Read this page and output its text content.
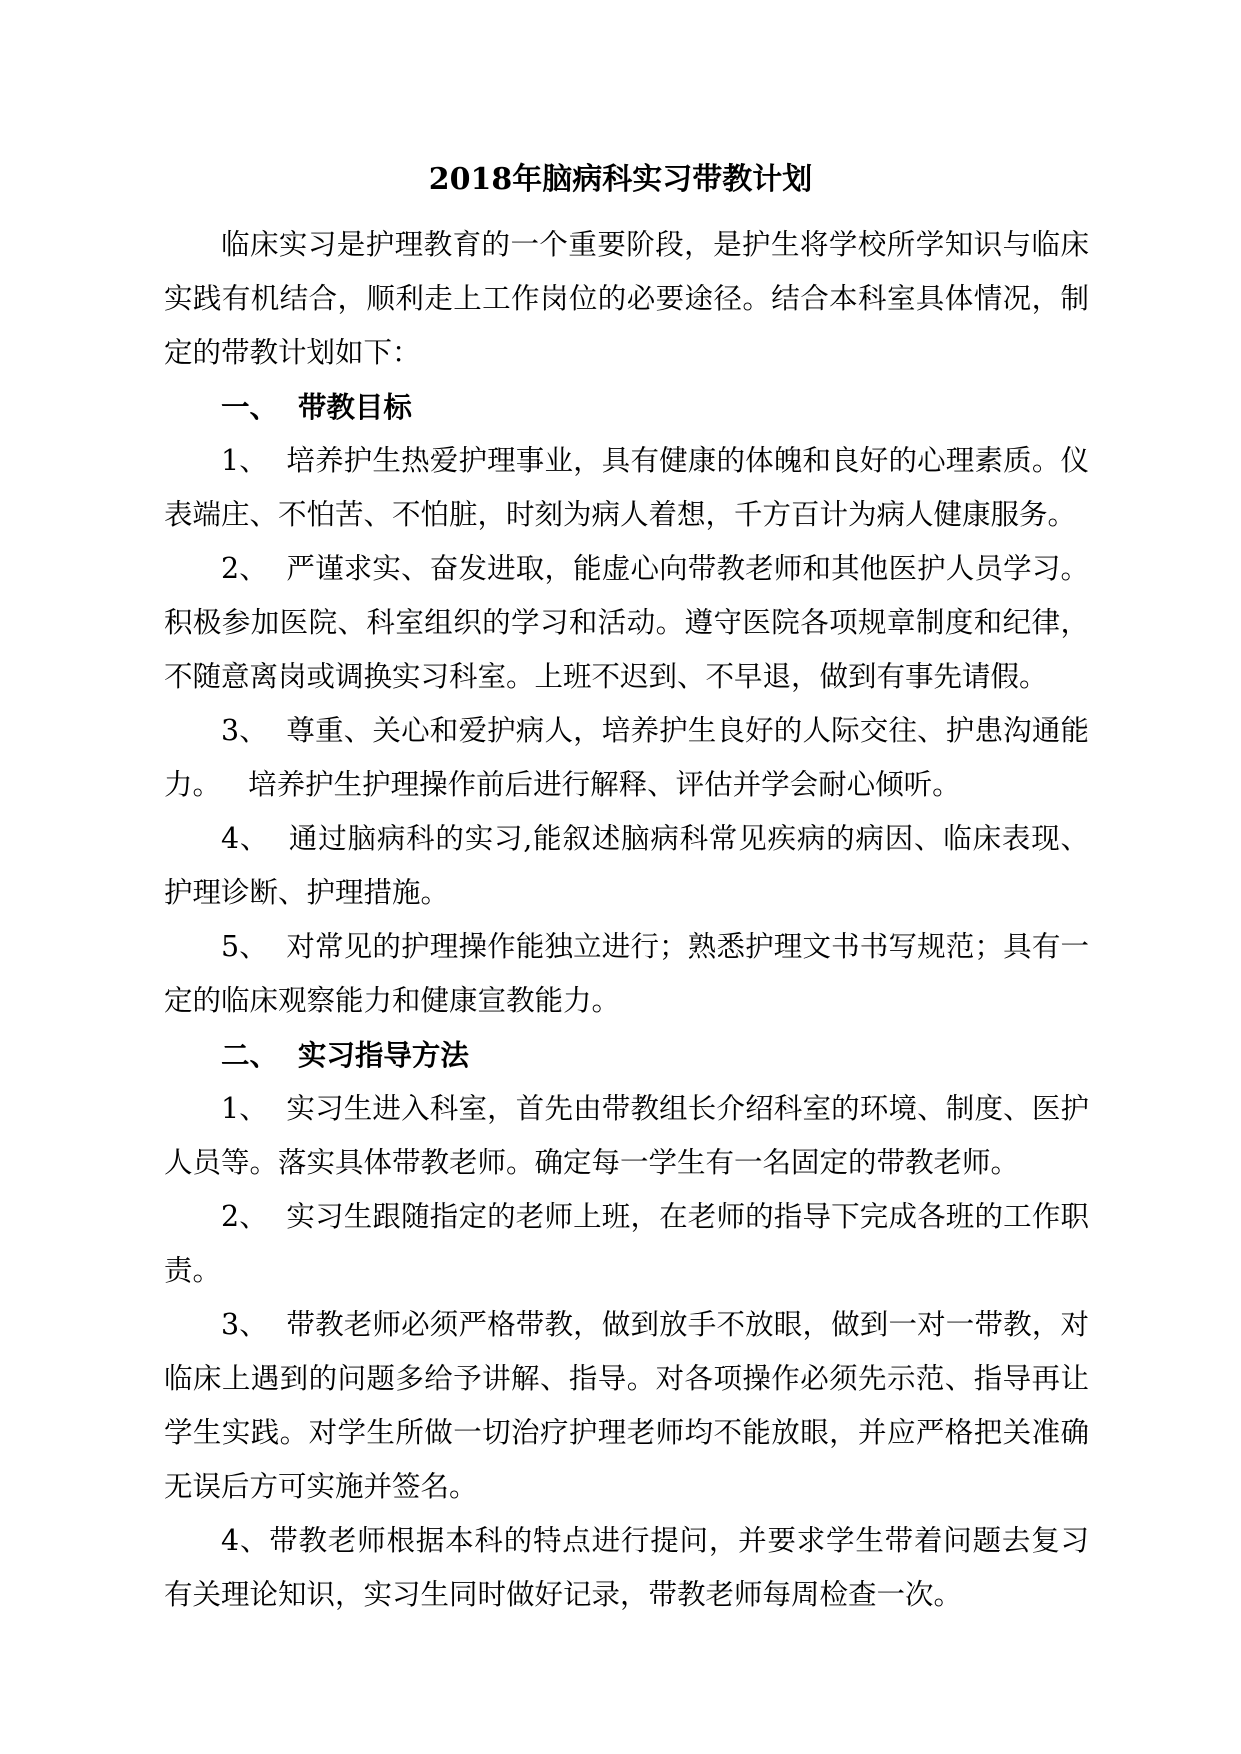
2018年脑病科实习带教计划

临床实习是护理教育的一个重要阶段，是护生将学校所学知识与临床实践有机结合，顺利走上工作岗位的必要途径。结合本科室具体情况，制定的带教计划如下：

一、  带教目标

1、  培养护生热爱护理事业，具有健康的体魄和良好的心理素质。仪表端庄、不怕苦、不怕脏，时刻为病人着想，千方百计为病人健康服务。

2、  严谨求实、奋发进取，能虚心向带教老师和其他医护人员学习。积极参加医院、科室组织的学习和活动。遵守医院各项规章制度和纪律，不随意离岗或调换实习科室。上班不迟到、不早退，做到有事先请假。

3、  尊重、关心和爱护病人，培养护生良好的人际交往、护患沟通能力。   培养护生护理操作前后进行解释、评估并学会耐心倾听。

4、  通过脑病科的实习,能叙述脑病科常见疾病的病因、临床表现、护理诊断、护理措施。

5、  对常见的护理操作能独立进行；熟悉护理文书书写规范；具有一定的临床观察能力和健康宣教能力。

二、  实习指导方法

1、  实习生进入科室，首先由带教组长介绍科室的环境、制度、医护人员等。落实具体带教老师。确定每一学生有一名固定的带教老师。

2、  实习生跟随指定的老师上班，在老师的指导下完成各班的工作职责。

3、  带教老师必须严格带教，做到放手不放眼，做到一对一带教，对临床上遇到的问题多给予讲解、指导。对各项操作必须先示范、指导再让学生实践。对学生所做一切治疗护理老师均不能放眼，并应严格把关准确无误后方可实施并签名。

4、带教老师根据本科的特点进行提问，并要求学生带着问题去复习有关理论知识，实习生同时做好记录，带教老师每周检查一次。
